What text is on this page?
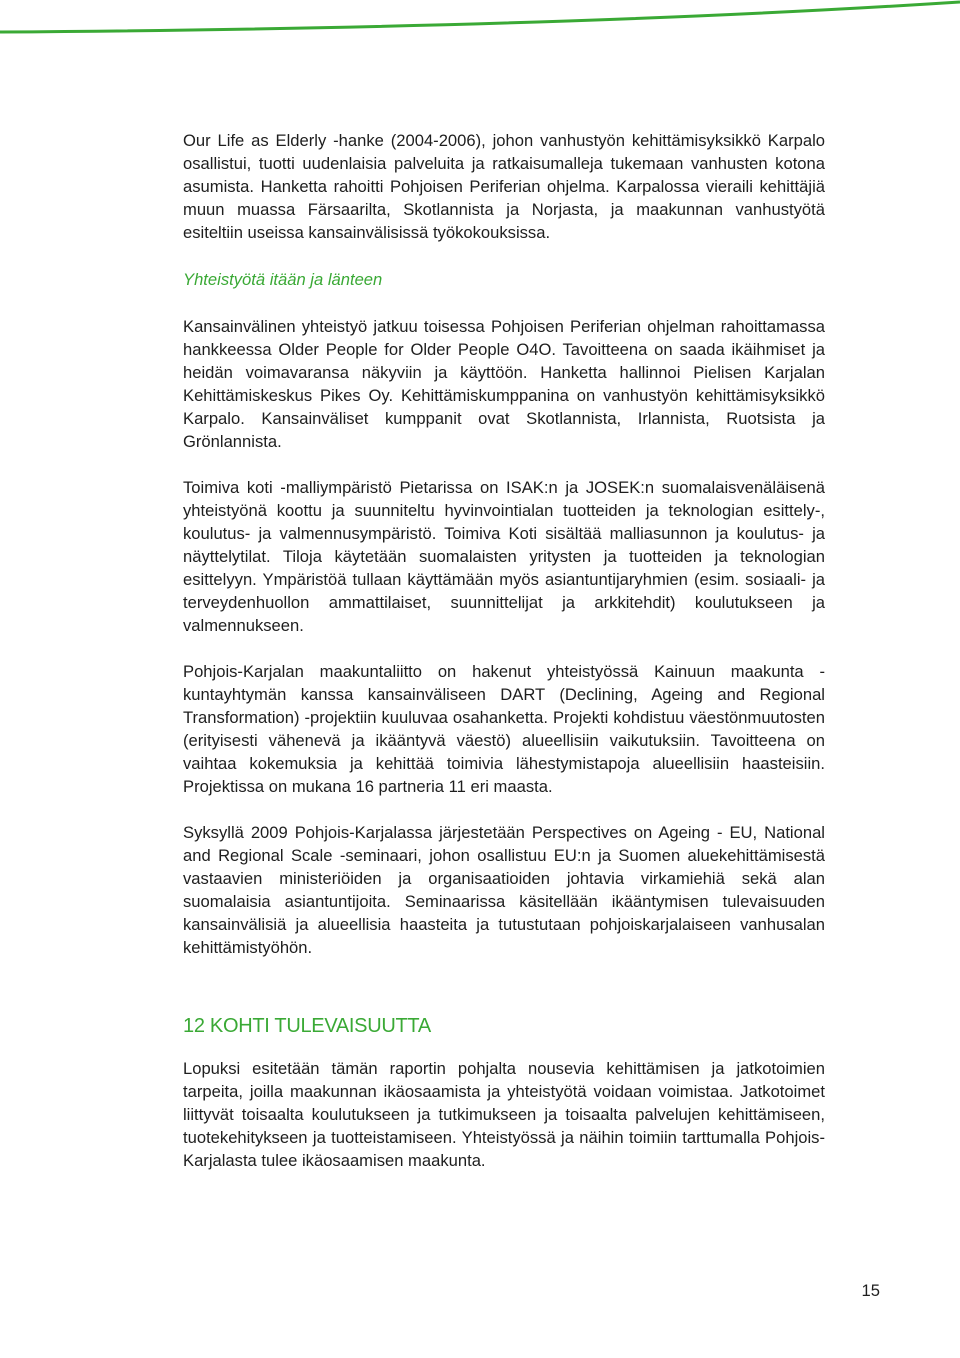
Our Life as Elderly -hanke (2004-2006), johon vanhustyön kehittämisyksikkö Karpalo osallistui, tuotti uudenlaisia palveluita ja ratkaisumalleja tukemaan vanhusten kotona asumista. Hanketta rahoitti Pohjoisen Periferian ohjelma. Karpalossa vieraili kehittäjiä muun muassa Färsaarilta, Skotlannista ja Norjasta, ja maakunnan vanhustyötä esiteltiin useissa kansainvälisissä työkokouksissa.

Yhteistyötä itään ja länteen

Kansainvälinen yhteistyö jatkuu toisessa Pohjoisen Periferian ohjelman rahoittamassa hankkeessa Older People for Older People O4O. Tavoitteena on saada ikäihmiset ja heidän voimavaransa näkyviin ja käyttöön. Hanketta hallinnoi Pielisen Karjalan Kehittämiskeskus Pikes Oy. Kehittämiskumppanina on vanhustyön kehittämisyksikkö Karpalo. Kansainväliset kumppanit ovat Skotlannista, Irlannista, Ruotsista ja Grönlannista.

Toimiva koti -malliympäristö Pietarissa on ISAK:n ja JOSEK:n suomalaisvenäläisenä yhteistyönä koottu ja suunniteltu hyvinvointialan tuotteiden ja teknologian esittely-, koulutus- ja valmennusympäristö. Toimiva Koti sisältää malliasunnon ja koulutus- ja näyttelytilat. Tiloja käytetään suomalaisten yritysten ja tuotteiden ja teknologian esittelyyn. Ympäristöä tullaan käyttämään myös asiantuntijaryhmien (esim. sosiaali- ja terveydenhuollon ammattilaiset, suunnittelijat ja arkkitehdit) koulutukseen ja valmennukseen.

Pohjois-Karjalan maakuntaliitto on hakenut yhteistyössä Kainuun maakunta - kuntayhtymän kanssa kansainväliseen DART (Declining, Ageing and Regional Transformation) -projektiin kuuluvaa osahanketta. Projekti kohdistuu väestönmuutosten (erityisesti vähenevä ja ikääntyvä väestö) alueellisiin vaikutuksiin. Tavoitteena on vaihtaa kokemuksia ja kehittää toimivia lähestymistapoja alueellisiin haasteisiin. Projektissa on mukana 16 partneria 11 eri maasta.

Syksyllä 2009 Pohjois-Karjalassa järjestetään Perspectives on Ageing - EU, National and Regional Scale -seminaari, johon osallistuu EU:n ja Suomen aluekehittämisestä vastaavien ministeriöiden ja organisaatioiden johtavia virkamiehiä sekä alan suomalaisia asiantuntijoita. Seminaarissa käsitellään ikääntymisen tulevaisuuden kansainvälisiä ja alueellisia haasteita ja tutustutaan pohjoiskarjalaiseen vanhusalan kehittämistyöhön.

12 KOHTI TULEVAISUUTTA

Lopuksi esitetään tämän raportin pohjalta nousevia kehittämisen ja jatkotoimien tarpeita, joilla maakunnan ikäosaamista ja yhteistyötä voidaan voimistaa. Jatkotoimet liittyvät toisaalta koulutukseen ja tutkimukseen ja toisaalta palvelujen kehittämiseen, tuotekehitykseen ja tuotteistamiseen. Yhteistyössä ja näihin toimiin tarttumalla Pohjois-Karjalasta tulee ikäosaamisen maakunta.

15
